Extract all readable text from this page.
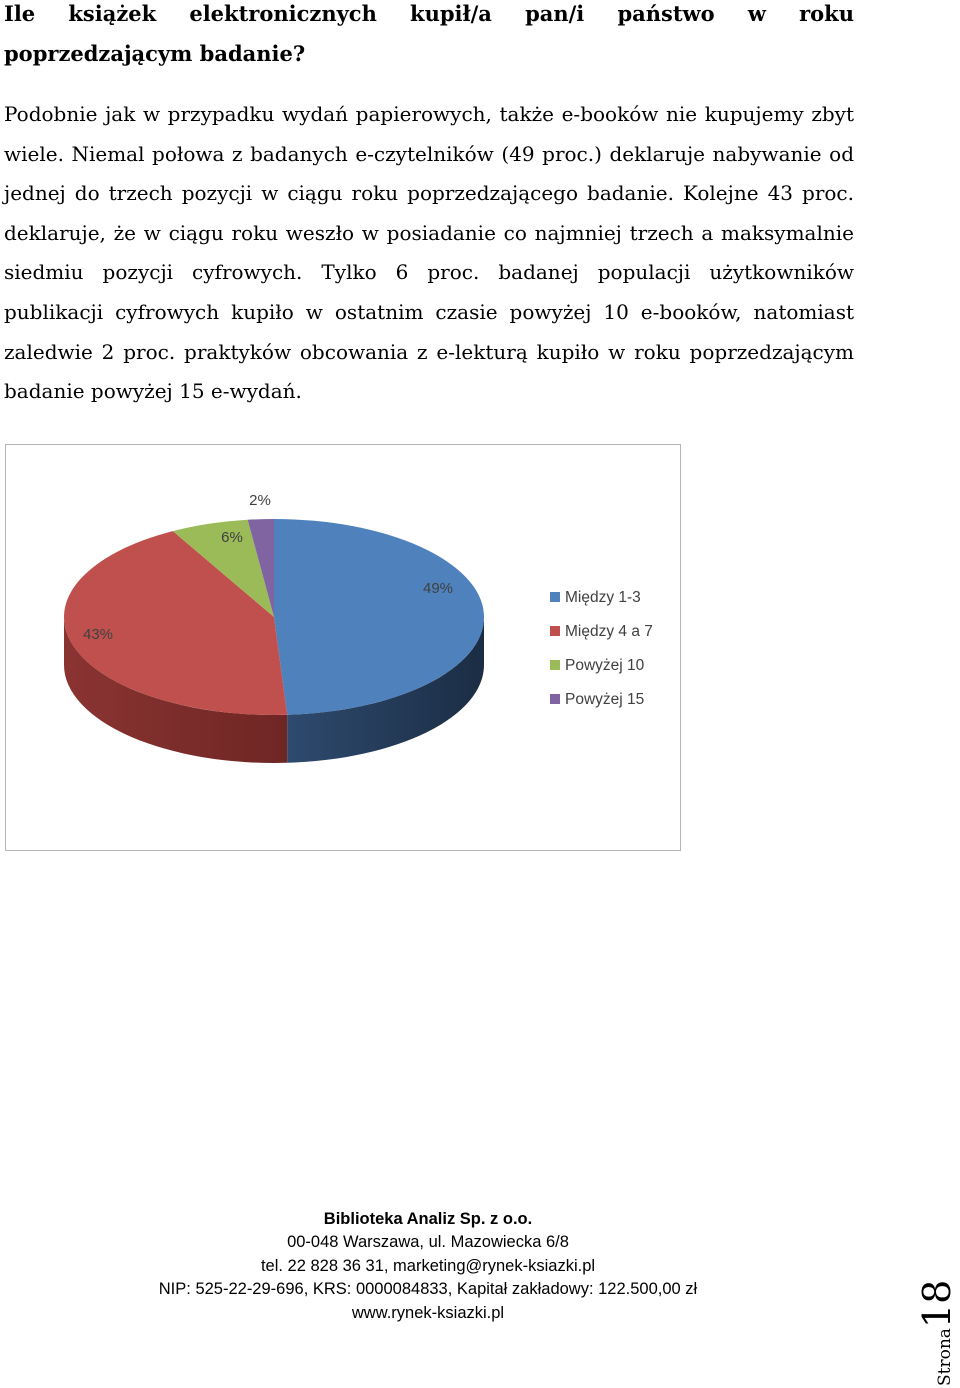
Ile książek elektronicznych kupił/a pan/i państwo w roku poprzedzającym badanie?

Podobnie jak w przypadku wydań papierowych, także e-booków nie kupujemy zbyt wiele. Niemal połowa z badanych e-czytelników (49 proc.) deklaruje nabywanie od jednej do trzech pozycji w ciągu roku poprzedzającego badanie. Kolejne 43 proc. deklaruje, że w ciągu roku weszło w posiadanie co najmniej trzech a maksymalnie siedmiu pozycji cyfrowych. Tylko 6 proc. badanej populacji użytkowników publikacji cyfrowych kupiło w ostatnim czasie powyżej 10 e-booków, natomiast zaledwie 2 proc. praktyków obcowania z e-lekturą kupiło w roku poprzedzającym badanie powyżej 15 e-wydań.

49%
43%
6%
2%
Między 1-3
Między 4 a 7
Powyżej 10
Powyżej 15
Biblioteka Analiz Sp. z o.o.
00-048 Warszawa, ul. Mazowiecka 6/8
tel. 22 828 36 31, marketing@rynek-ksiazki.pl
NIP: 525-22-29-696, KRS: 0000084833, Kapitał zakładowy: 122.500,00 zł
www.rynek-ksiazki.pl
Strona18
